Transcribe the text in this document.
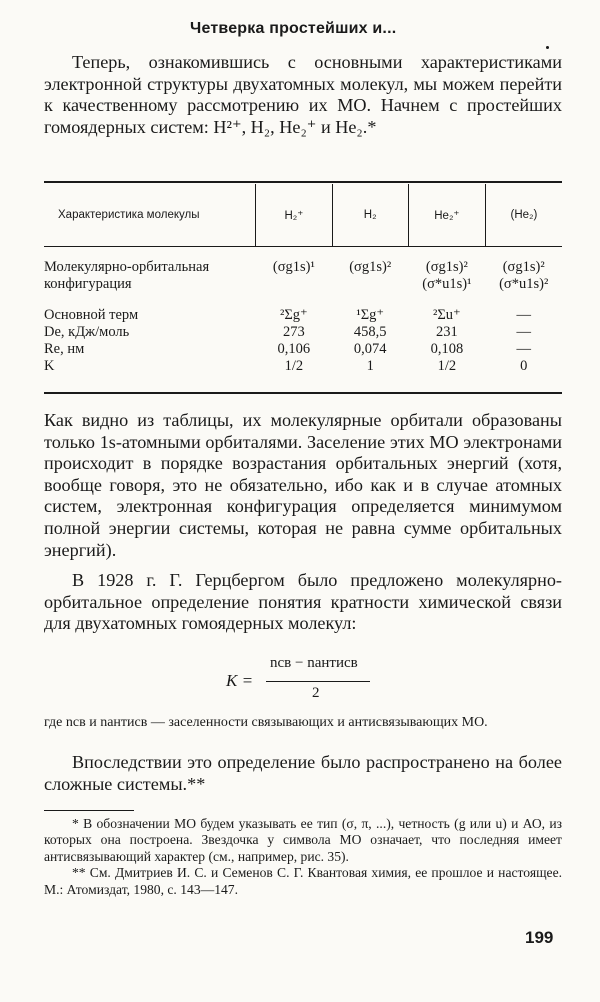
Четверка простейших и...
Теперь, ознакомившись с основными характеристиками электронной структуры двухатомных молекул, мы можем перейти к качественному рассмотрению их МО. Начнем с простейших гомоядерных систем: H²⁺, H₂, He₂⁺ и He₂.*
Характеристика молекулы	H₂⁺	H₂	He₂⁺	(He₂)
Молекулярно-орбитальная конфигурация	(σg1s)¹	(σg1s)²	(σg1s)² (σ*u1s)¹	(σg1s)² (σ*u1s)²
Основной терм	²Σg⁺	¹Σg⁺	²Σu⁺	—
De, кДж/моль	273	458,5	231	—
Re, нм	0,106	0,074	0,108	—
K	1/2	1	1/2	0
Как видно из таблицы, их молекулярные орбитали образованы только 1s-атомными орбиталями. Заселение этих МО электронами происходит в порядке возрастания орбитальных энергий (хотя, вообще говоря, это не обязательно, ибо как и в случае атомных систем, электронная конфигурация определяется минимумом полной энергии системы, которая не равна сумме орбитальных энергий).
В 1928 г. Г. Герцбергом было предложено молекулярно-орбитальное определение понятия кратности химической связи для двухатомных гомоядерных молекул:
K =
nсв − nантисв
2
где nсв и nантисв — заселенности связывающих и антисвязывающих МО.
Впоследствии это определение было распространено на более сложные системы.**

* В обозначении МО будем указывать ее тип (σ, π, ...), четность (g или u) и АО, из которых она построена. Звездочка у символа МО означает, что последняя имеет антисвязывающий характер (см., например, рис. 35).

** См. Дмитриев И. С. и Семенов С. Г. Квантовая химия, ее прошлое и настоящее. М.: Атомиздат, 1980, с. 143—147.

199
